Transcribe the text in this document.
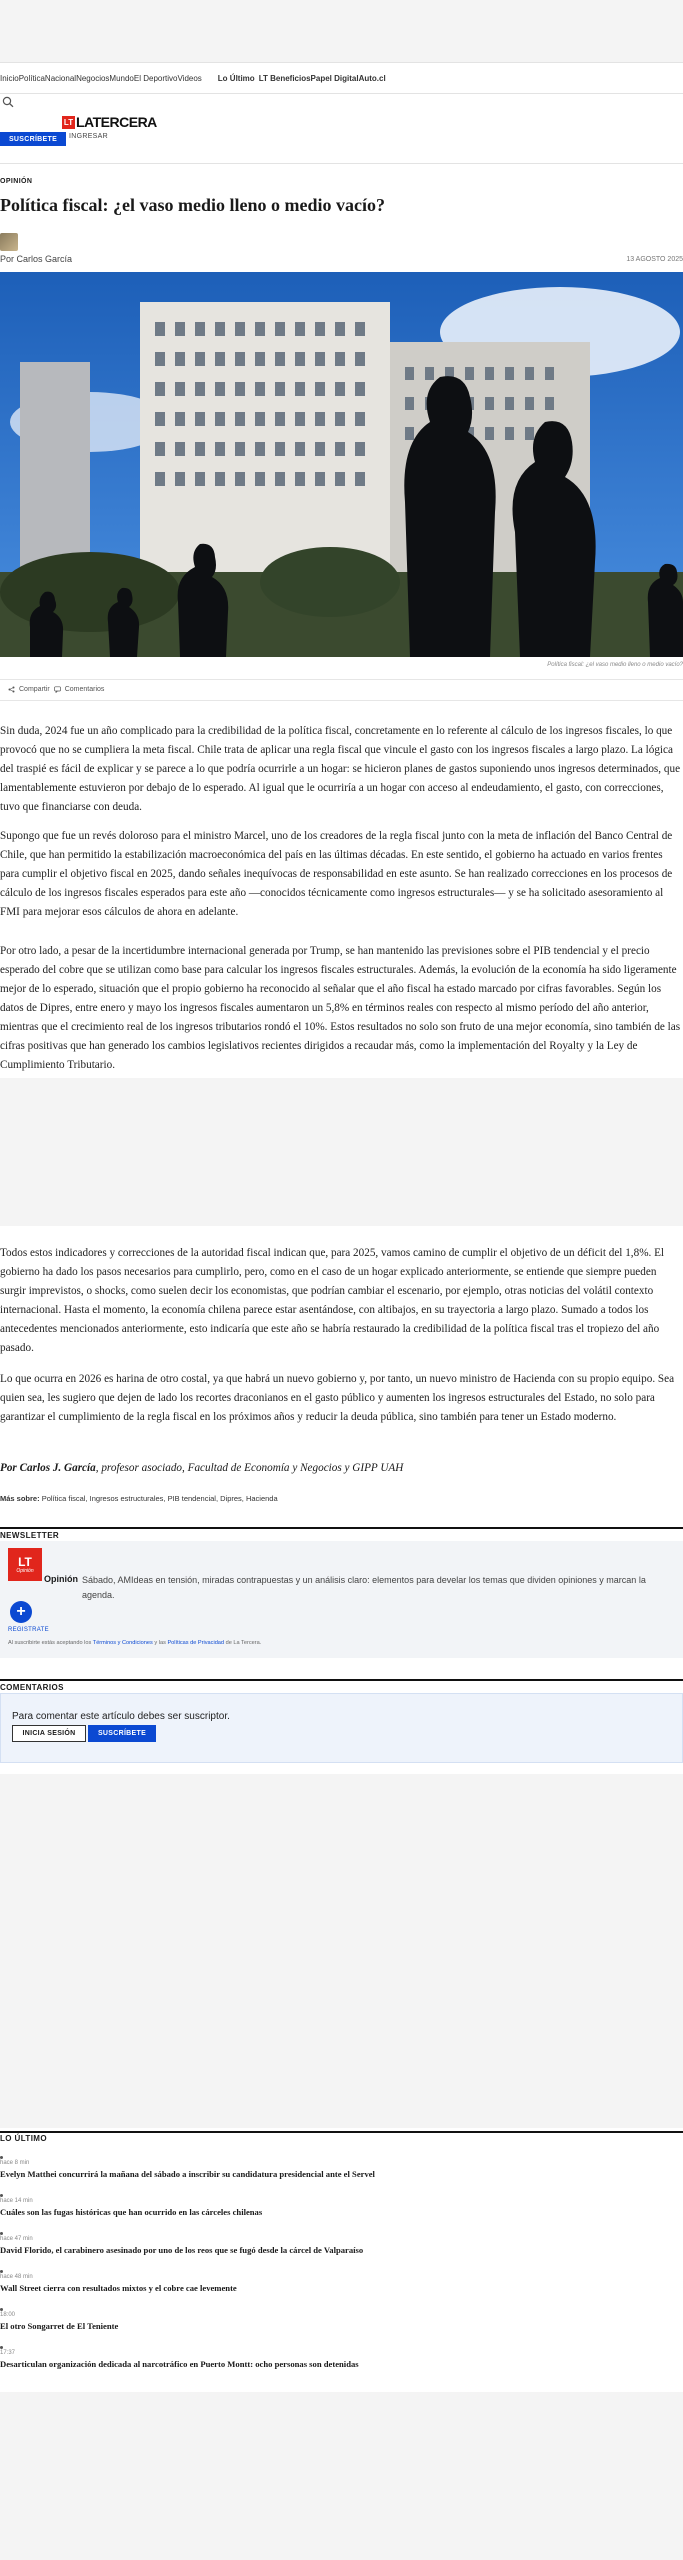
Inicio Política Nacional Negocios Mundo El Deportivo Videos Lo Último LT Beneficios Papel Digital Auto.cl
LT LATERCERA
SUSCRÍBETE	INGRESAR
OPINIÓN
Política fiscal: ¿el vaso medio lleno o medio vacío?
Por Carlos García	13 AGOSTO 2025
Política fiscal: ¿el vaso medio lleno o medio vacío?
Compartir Comentarios

Sin duda, 2024 fue un año complicado para la credibilidad de la política fiscal, concretamente en lo referente al cálculo de los ingresos fiscales, lo que provocó que no se cumpliera la meta fiscal. Chile trata de aplicar una regla fiscal que vincule el gasto con los ingresos fiscales a largo plazo. La lógica del traspié es fácil de explicar y se parece a lo que podría ocurrirle a un hogar: se hicieron planes de gastos suponiendo unos ingresos determinados, que lamentablemente estuvieron por debajo de lo esperado. Al igual que le ocurriría a un hogar con acceso al endeudamiento, el gasto, con correcciones, tuvo que financiarse con deuda.

Supongo que fue un revés doloroso para el ministro Marcel, uno de los creadores de la regla fiscal junto con la meta de inflación del Banco Central de Chile, que han permitido la estabilización macroeconómica del país en las últimas décadas. En este sentido, el gobierno ha actuado en varios frentes para cumplir el objetivo fiscal en 2025, dando señales inequívocas de responsabilidad en este asunto. Se han realizado correcciones en los procesos de cálculo de los ingresos fiscales esperados para este año —conocidos técnicamente como ingresos estructurales— y se ha solicitado asesoramiento al FMI para mejorar esos cálculos de ahora en adelante.

Por otro lado, a pesar de la incertidumbre internacional generada por Trump, se han mantenido las previsiones sobre el PIB tendencial y el precio esperado del cobre que se utilizan como base para calcular los ingresos fiscales estructurales. Además, la evolución de la economía ha sido ligeramente mejor de lo esperado, situación que el propio gobierno ha reconocido al señalar que el año fiscal ha estado marcado por cifras favorables. Según los datos de Dipres, entre enero y mayo los ingresos fiscales aumentaron un 5,8% en términos reales con respecto al mismo período del año anterior, mientras que el crecimiento real de los ingresos tributarios rondó el 10%. Estos resultados no solo son fruto de una mejor economía, sino también de las cifras positivas que han generado los cambios legislativos recientes dirigidos a recaudar más, como la implementación del Royalty y la Ley de Cumplimiento Tributario.

Todos estos indicadores y correcciones de la autoridad fiscal indican que, para 2025, vamos camino de cumplir el objetivo de un déficit del 1,8%. El gobierno ha dado los pasos necesarios para cumplirlo, pero, como en el caso de un hogar explicado anteriormente, se entiende que siempre pueden surgir imprevistos, o shocks, como suelen decir los economistas, que podrían cambiar el escenario, por ejemplo, otras noticias del volátil contexto internacional. Hasta el momento, la economía chilena parece estar asentándose, con altibajos, en su trayectoria a largo plazo. Sumado a todos los antecedentes mencionados anteriormente, esto indicaría que este año se habría restaurado la credibilidad de la política fiscal tras el tropiezo del año pasado.

Lo que ocurra en 2026 es harina de otro costal, ya que habrá un nuevo gobierno y, por tanto, un nuevo ministro de Hacienda con su propio equipo. Sea quien sea, les sugiero que dejen de lado los recortes draconianos en el gasto público y aumenten los ingresos estructurales del Estado, no solo para garantizar el cumplimiento de la regla fiscal en los próximos años y reducir la deuda pública, sino también para tener un Estado moderno.

Por Carlos J. García, profesor asociado, Facultad de Economía y Negocios y GIPP UAH
Más sobre: Política fiscal, Ingresos estructurales, PIB tendencial, Dipres, Hacienda
NEWSLETTER
LT
Opinión
Opinión Sábado, AMIdeas en tensión, miradas contrapuestas y un análisis claro: elementos para develar los temas que dividen opiniones y marcan la agenda.
+
REGISTRATE
Al suscribirte estás aceptando los Términos y Condiciones y las Políticas de Privacidad de La Tercera.
COMENTARIOS
Para comentar este artículo debes ser suscriptor.
INICIA SESIÓN	SUSCRÍBETE
LO ÚLTIMO
hace 8 min
Evelyn Matthei concurrirá la mañana del sábado a inscribir su candidatura presidencial ante el Servel
hace 14 min
Cuáles son las fugas históricas que han ocurrido en las cárceles chilenas
hace 47 min
David Florido, el carabinero asesinado por uno de los reos que se fugó desde la cárcel de Valparaíso
hace 48 min
Wall Street cierra con resultados mixtos y el cobre cae levemente
18:00
El otro Songarret de El Teniente
17:37
Desarticulan organización dedicada al narcotráfico en Puerto Montt: ocho personas son detenidas
